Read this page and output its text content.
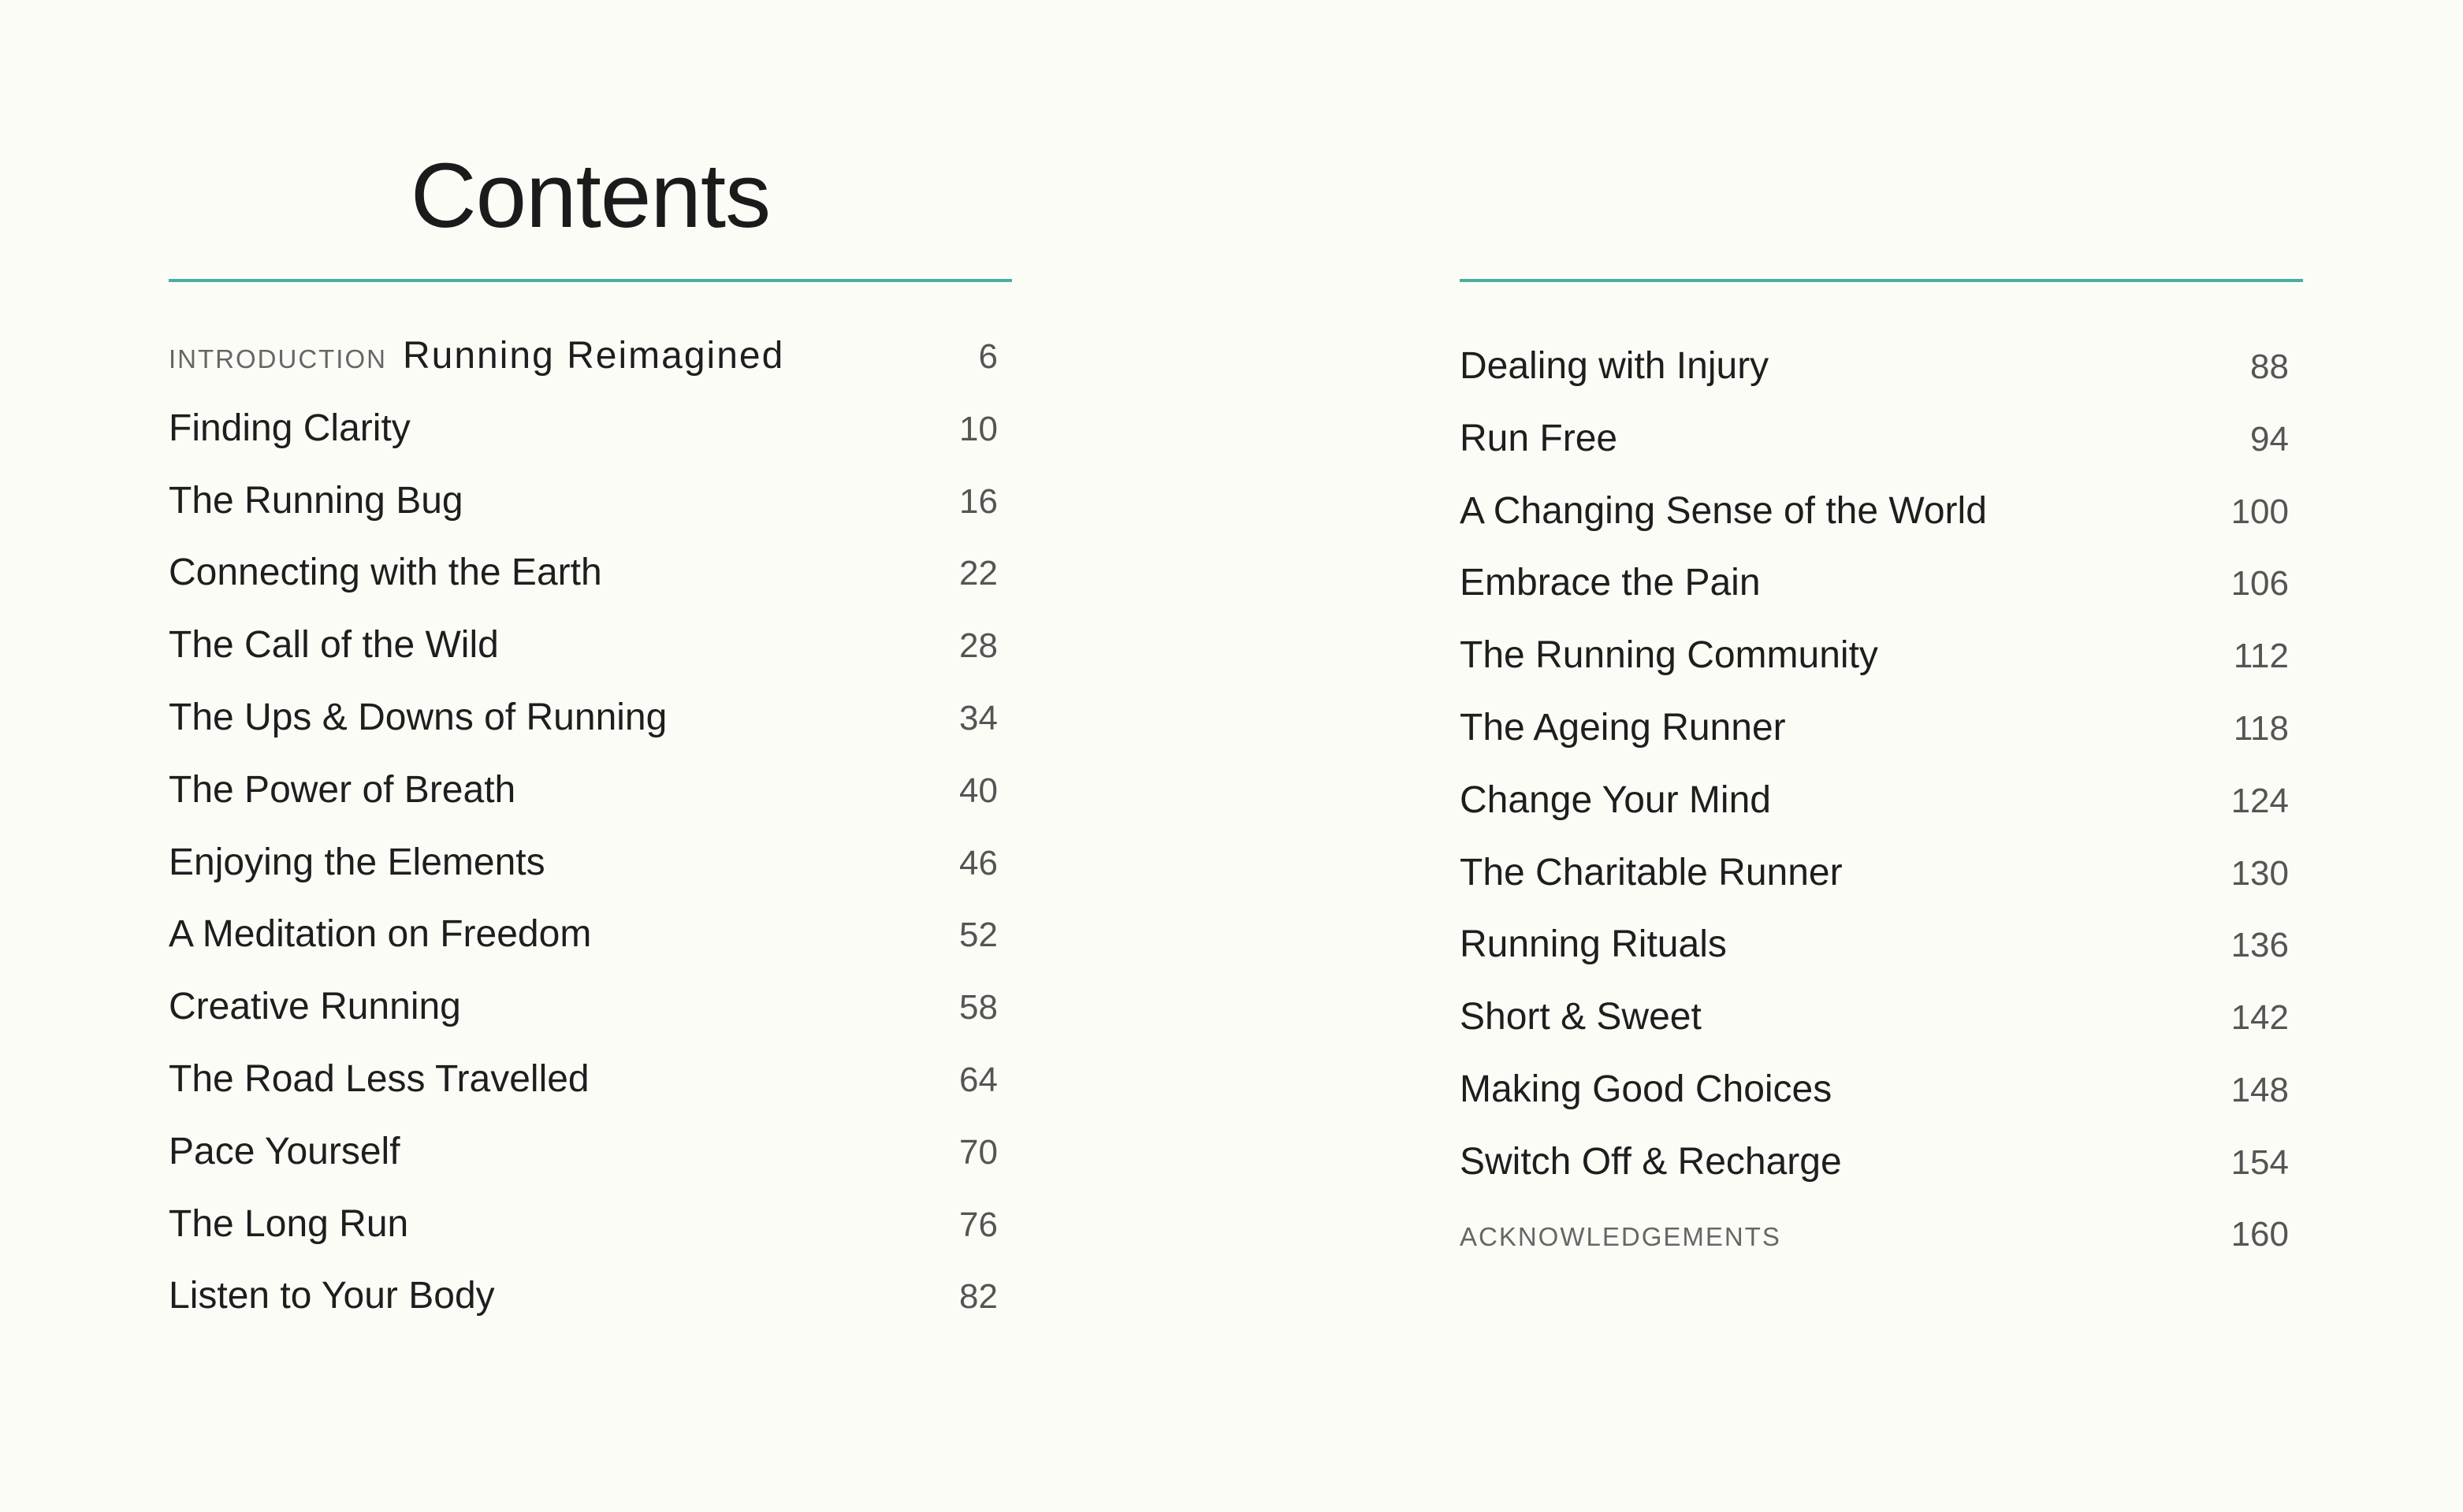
Contents
INTRODUCTION Running Reimagined	6
Finding Clarity	10
The Running Bug	16
Connecting with the Earth	22
The Call of the Wild	28
The Ups & Downs of Running	34
The Power of Breath	40
Enjoying the Elements	46
A Meditation on Freedom	52
Creative Running	58
The Road Less Travelled	64
Pace Yourself	70
The Long Run	76
Listen to Your Body	82
Dealing with Injury	88
Run Free	94
A Changing Sense of the World	100
Embrace the Pain	106
The Running Community	112
The Ageing Runner	118
Change Your Mind	124
The Charitable Runner	130
Running Rituals	136
Short & Sweet	142
Making Good Choices	148
Switch Off & Recharge	154
ACKNOWLEDGEMENTS	160
